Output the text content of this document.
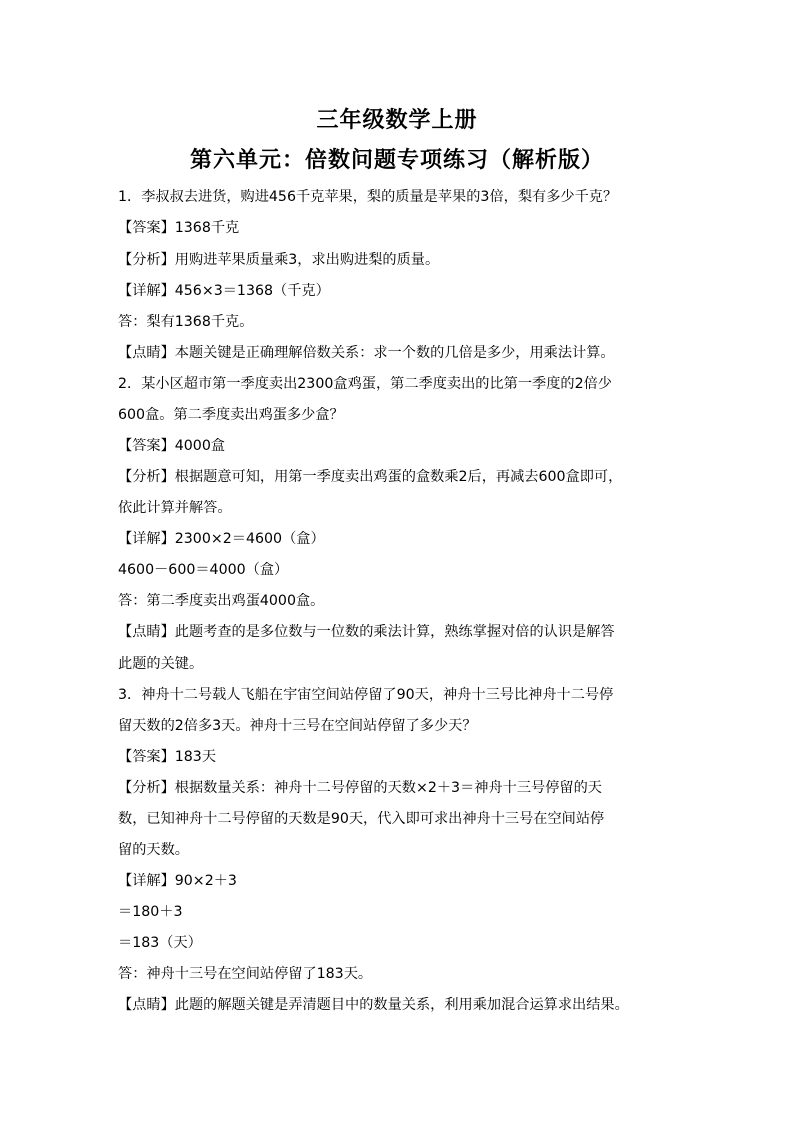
三年级数学上册
第六单元：倍数问题专项练习（解析版）
1．李叔叔去进货，购进456千克苹果，梨的质量是苹果的3倍，梨有多少千克？
【答案】1368千克
【分析】用购进苹果质量乘3，求出购进梨的质量。
【详解】456×3＝1368（千克）
答：梨有1368千克。
【点睛】本题关键是正确理解倍数关系：求一个数的几倍是多少，用乘法计算。
2．某小区超市第一季度卖出2300盒鸡蛋，第二季度卖出的比第一季度的2倍少
600盒。第二季度卖出鸡蛋多少盒？
【答案】4000盒
【分析】根据题意可知，用第一季度卖出鸡蛋的盒数乘2后，再减去600盒即可，
依此计算并解答。
【详解】2300×2＝4600（盒）
4600－600＝4000（盒）
答：第二季度卖出鸡蛋4000盒。
【点睛】此题考查的是多位数与一位数的乘法计算，熟练掌握对倍的认识是解答
此题的关键。
3．神舟十二号载人飞船在宇宙空间站停留了90天，神舟十三号比神舟十二号停
留天数的2倍多3天。神舟十三号在空间站停留了多少天？
【答案】183天
【分析】根据数量关系：神舟十二号停留的天数×2＋3＝神舟十三号停留的天
数，已知神舟十二号停留的天数是90天，代入即可求出神舟十三号在空间站停
留的天数。
【详解】90×2＋3
＝180＋3
＝183（天）
答：神舟十三号在空间站停留了183天。
【点睛】此题的解题关键是弄清题目中的数量关系，利用乘加混合运算求出结果。
